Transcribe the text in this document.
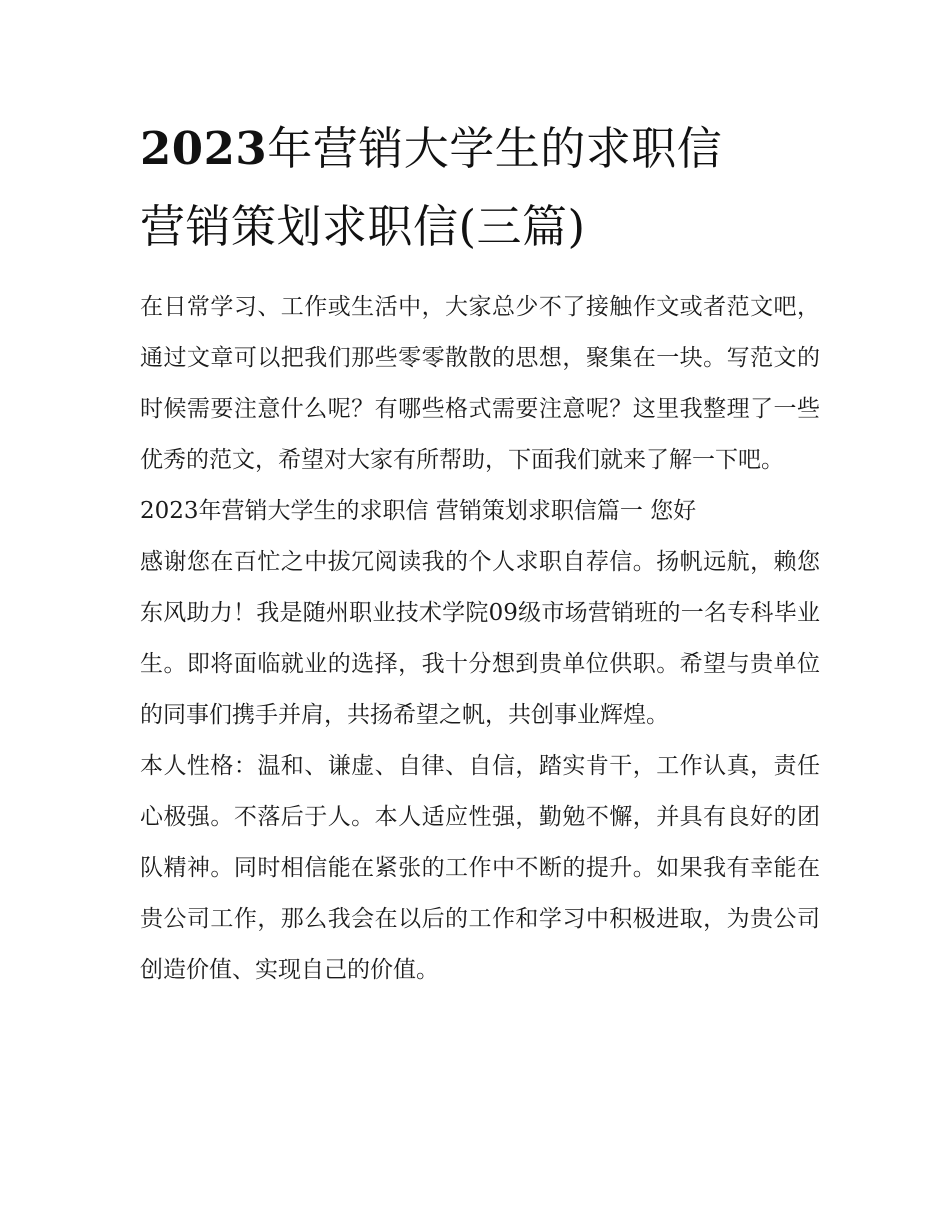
2023年营销大学生的求职信
营销策划求职信(三篇)

在日常学习、工作或生活中，大家总少不了接触作文或者范文吧，通过文章可以把我们那些零零散散的思想，聚集在一块。写范文的时候需要注意什么呢？有哪些格式需要注意呢？这里我整理了一些优秀的范文，希望对大家有所帮助，下面我们就来了解一下吧。

2023年营销大学生的求职信 营销策划求职信篇一 您好

感谢您在百忙之中拔冗阅读我的个人求职自荐信。扬帆远航，赖您东风助力！我是随州职业技术学院09级市场营销班的一名专科毕业生。即将面临就业的选择，我十分想到贵单位供职。希望与贵单位的同事们携手并肩，共扬希望之帆，共创事业辉煌。

本人性格：温和、谦虚、自律、自信，踏实肯干，工作认真，责任心极强。不落后于人。本人适应性强，勤勉不懈，并具有良好的团队精神。同时相信能在紧张的工作中不断的提升。如果我有幸能在贵公司工作，那么我会在以后的工作和学习中积极进取，为贵公司创造价值、实现自己的价值。
